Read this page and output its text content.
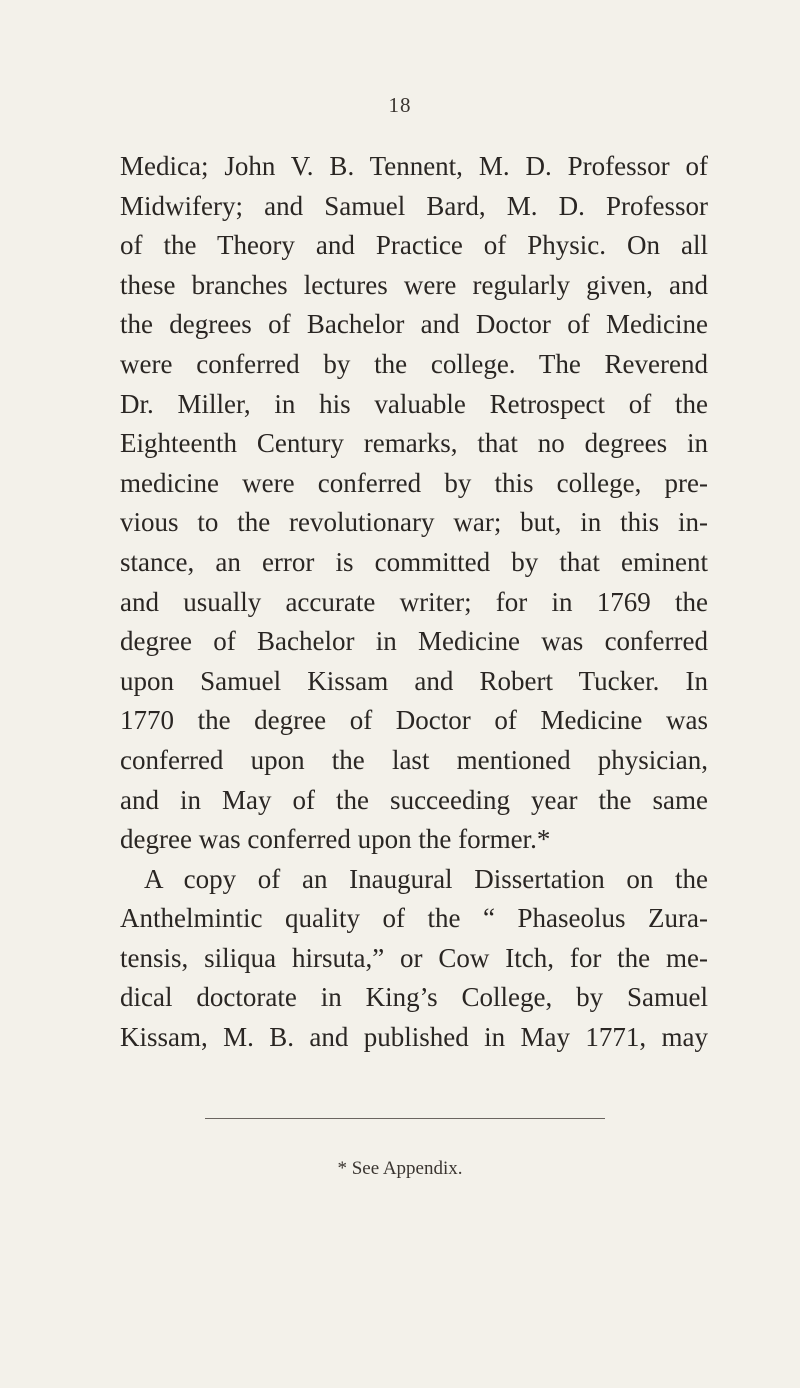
18
Medica; John V. B. Tennent, M. D. Professor of
Midwifery; and Samuel Bard, M. D. Professor
of the Theory and Practice of Physic. On all
these branches lectures were regularly given, and
the degrees of Bachelor and Doctor of Medicine
were conferred by the college. The Reverend
Dr. Miller, in his valuable Retrospect of the
Eighteenth Century remarks, that no degrees in
medicine were conferred by this college, pre-
vious to the revolutionary war; but, in this in-
stance, an error is committed by that eminent
and usually accurate writer; for in 1769 the
degree of Bachelor in Medicine was conferred
upon Samuel Kissam and Robert Tucker. In
1770 the degree of Doctor of Medicine was
conferred upon the last mentioned physician,
and in May of the succeeding year the same
degree was conferred upon the former.*
A copy of an Inaugural Dissertation on the
Anthelmintic quality of the “ Phaseolus Zura-
tensis, siliqua hirsuta,” or Cow Itch, for the me-
dical doctorate in King’s College, by Samuel
Kissam, M. B. and published in May 1771, may
* See Appendix.
